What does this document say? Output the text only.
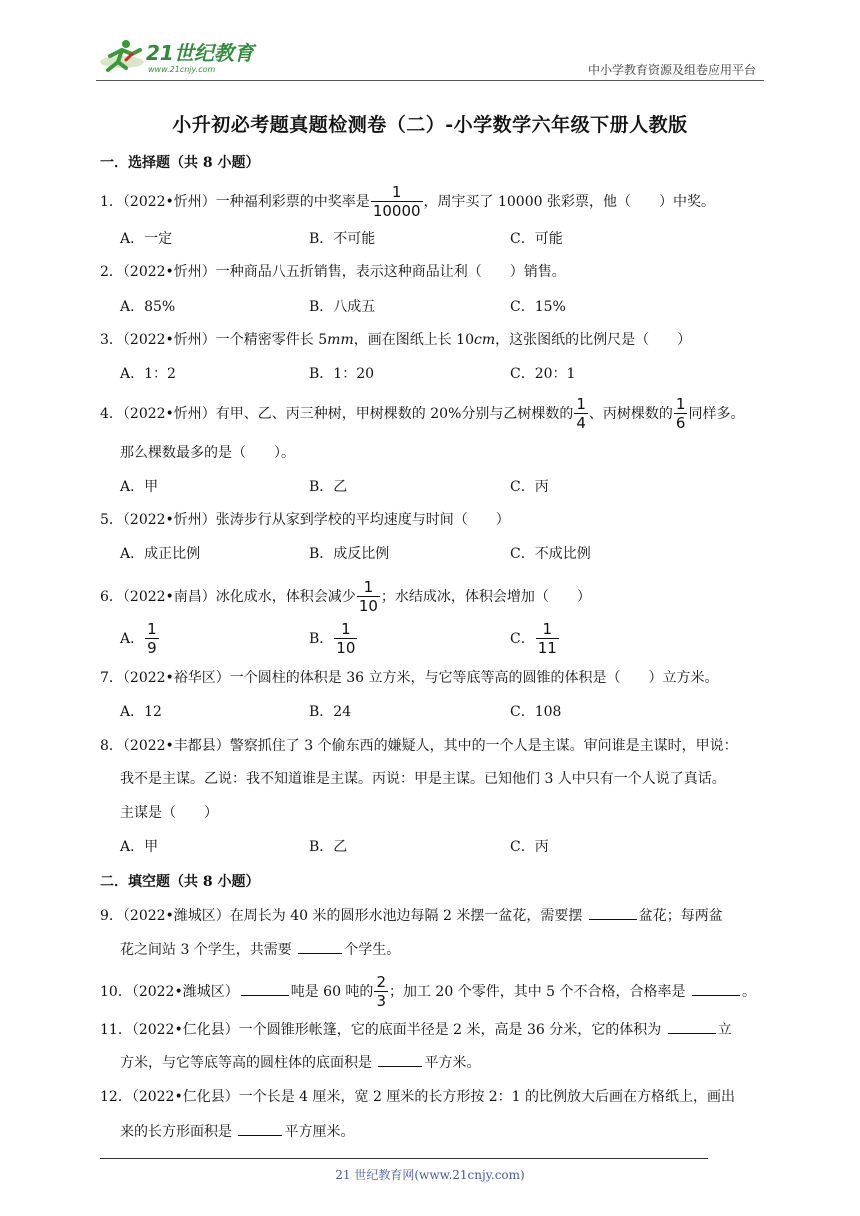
21世纪教育
www.21cnjy.com	中小学教育资源及组卷应用平台
小升初必考题真题检测卷（二）-小学数学六年级下册人教版
一．选择题（共 8 小题）
1．（2022•忻州）一种福利彩票的中奖率是 $\frac{1}{10000}$ ，周宇买了 10000 张彩票，他（　　）中奖。
A．一定	B．不可能	C．可能
2．（2022•忻州）一种商品八五折销售，表示这种商品让利（　　）销售。
A．85%	B．八成五	C．15%
3．（2022•忻州）一个精密零件长 5mm，画在图纸上长 10cm，这张图纸的比例尺是（　　）
A．1：2	B．1：20	C．20：1
4．（2022•忻州）有甲、乙、丙三种树，甲树棵数的 20%分别与乙树棵数的 $\frac{1}{4}$ 、丙树棵数的 $\frac{1}{6}$ 同样多。
那么棵数最多的是（　　）。
A．甲	B．乙	C．丙
5．（2022•忻州）张涛步行从家到学校的平均速度与时间（　　）
A．成正比例	B．成反比例	C．不成比例
6．（2022•南昌）冰化成水，体积会减少 $\frac{1}{10}$ ；水结成冰，体积会增加（　　）
A． $\frac{1}{9}$	B． $\frac{1}{10}$	C． $\frac{1}{11}$
7．（2022•裕华区）一个圆柱的体积是 36 立方米，与它等底等高的圆锥的体积是（　　）立方米。
A．12	B．24	C．108
8．（2022•丰都县）警察抓住了 3 个偷东西的嫌疑人，其中的一个人是主谋。审问谁是主谋时，甲说：
我不是主谋。乙说：我不知道谁是主谋。丙说：甲是主谋。已知他们 3 人中只有一个人说了真话。
主谋是（　　）
A．甲	B．乙	C．丙
二．填空题（共 8 小题）
9．（2022•潍城区）在周长为 40 米的圆形水池边每隔 2 米摆一盆花，需要摆	盆花；每两盆
花之间站 3 个学生，共需要	个学生。
10．（2022•潍城区）	吨是 60 吨的 $\frac{2}{3}$ ；加工 20 个零件，其中 5 个不合格，合格率是	。
11．（2022•仁化县）一个圆锥形帐篷，它的底面半径是 2 米，高是 36 分米，它的体积为	立
方米，与它等底等高的圆柱体的底面积是	平方米。
12．（2022•仁化县）一个长是 4 厘米，宽 2 厘米的长方形按 2：1 的比例放大后画在方格纸上，画出
来的长方形面积是	平方厘米。
21 世纪教育网(www.21cnjy.com)
